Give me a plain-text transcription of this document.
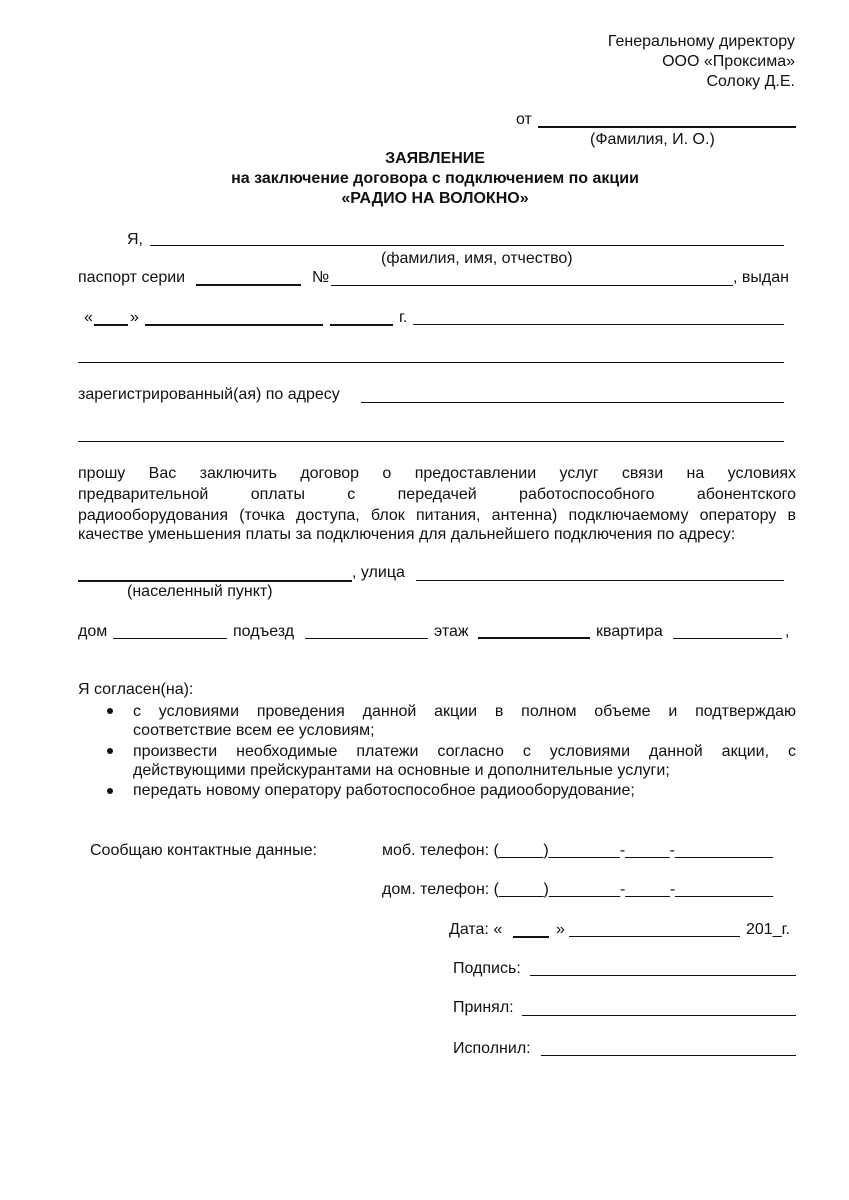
Генеральному директору
ООО «Проксима»
Солоку Д.Е.
от
(Фамилия, И. О.)
ЗАЯВЛЕНИЕ
на заключение договора с подключением по акции
«РАДИО НА ВОЛОКНО»
Я,
(фамилия, имя, отчество)
паспорт серии	№	, выдан
« »	г.
зарегистрированный(ая) по адресу
прошу Вас заключить договор о предоставлении услуг связи на условиях
предварительной оплаты с передачей работоспособного абонентского
радиооборудования (точка доступа, блок питания, антенна) подключаемому оператору в
качестве уменьшения платы за подключения для дальнейшего подключения по адресу:
, улица
(населенный пункт)
дом	подъезд	этаж	квартира	,
Я согласен(на):
с условиями проведения данной акции в полном объеме и подтверждаю
соответствие всем ее условиям;
произвести необходимые платежи согласно с условиями данной акции, с
действующими прейскурантами на основные и дополнительные услуги;
передать новому оператору работоспособное радиооборудование;
Сообщаю контактные данные:	моб. телефон: (_____)________-_____-___________
дом. телефон: (_____)________-_____-___________
Дата: «	»	201_г.
Подпись:
Принял:
Исполнил:
